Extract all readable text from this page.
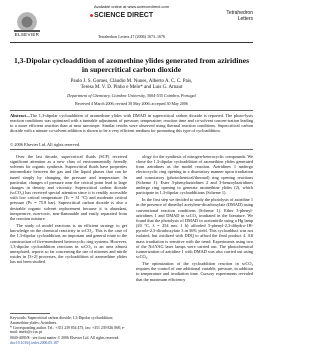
Available online at www.sciencedirect.com
ELSEVIER
SCIENCE DIRECT	Tetrahedron
Letters
Tetrahedron Letters 47 (2006) 1673–1676
1,3-Dipolar cycloaddition of azomethine ylides generated from aziridines in supercritical carbon dioxide
Paulo J. S. Gomes, Cláudio M. Nunes, Alberto A. C. C. Pais,
Teresa M. V. D. Pinho e Melo* and Luis G. Arnaut
Department of Chemistry, Coimbra University, 3004-535 Coimbra, Portugal
Received 4 March 2006; revised 30 May 2006; accepted 30 May 2006
Abstract—The 1,3-dipolar cycloaddition of azomethine ylides with DMAD in supercritical carbon dioxide is reported. The photo-lysis reaction conditions was optimized with a tuneable adjustment of pressure; temperature; reaction time and co-solvent concen-tration leading to a more efficient reaction than at near azeotrope. Similar results were observed using thermal reaction conditions. Supercritical carbon dioxide with a minute co-solvent addition is shown to be a very efficient medium for promoting this type of cycloaddition.
© 2006 Elsevier Ltd. All rights reserved.

Over the last decade, supercritical fluids (SCF) received significant attention as a new class of environmentally friendly solvents for organic synthesis. Supercritical fluids have properties intermediate between the gas and the liquid phases that can be tuned simply by changing the pressure and temperature. In particular, changes of pressure near the critical point lead to large changes in density and viscosity. Supercritical carbon dioxide (scCO₂) has received special attention since it is readily accessible with low critical temperature (Tc = 31 °C) and moderate critical pressure (Pc = 75.8 bar). Supercritical carbon dioxide is also a desirable organic solvent replacement because it is abundant, inexpensive, non-toxic, non-flammable and easily separated from the reaction mixture.

The study of model reactions is an efficient strategy to get knowledge on the chemical reactivity in scCO₂. This is the case of the 1,3-dipolar cycloaddition, an important and general route to the construction of five-membered heterocyclic ring systems. However, 1,3-dipolar cycloaddition reactions in scCO₂ is an area almost unexplored, reports so far concerning the use of nitrones and nitrile oxides in [3+2] processes, the cycloaddition of azomethine ylides has not been studied.

ology for the synthesis of nitrogen-heterocyclic compounds. We chose the 1,3-dipolar cycloaddition of azomethine ylides generated from aziridines as the model reaction. Aziridines 1 undergo electrocyclic ring opening in a disrotatory manner upon irradiation and conrotatory (photochemical/thermal) ring opening reactions (Scheme 1). Ester 3-phenylaziridines 2 and 3-benzoylaziridines undergo ring opening to generate azomethine ylides (2), which participate in 1,3-dipolar cycloadditions (Scheme 1).

In the first step we decided to study the photolysis of aziridine 1 in the presence of dimethyl acetylene-dicarboxylate (DMAD) using conventional reaction conditions (Scheme 1). Ether 3-phenyl-aziridines 1 and DMAD in scCO₂ irradiated in the literature. We found that the photolysis of DMAD in acetonitrile using a Hg lamp (20 °C, λ = 254 nm, 1 h) afforded 5-phenyl-2,3-dihydro-1H-pyrrole-2,3-dicarboxylate 3 in 36% yield. This cycloadduct was not isolated, but oxidized with DDQ to afford the final product 4. All mass irradiation is sensitive with the trend. Experiments using two of the Nd:YAG laser lamps were carried out. The photochemical isomerization of aziridine 1 with DMAD was also carried out using scCO₂.

The optimization of the cycloaddition reaction in scCO₂ requires the control of one additional variable, pressure, in addition to temperature and irradiation time. Cursory experiments revealed that the maximum efficiency

Keywords: Supercritical carbon dioxide; 1,3-Dipolar cycloaddition; Azomethine ylides; Aziridines.
* Corresponding author. Tel.: +351 239 854 475; fax: +351 239 826 068; e-mail: tmelo@ci.uc.pt
0040-4039/$ - see front matter © 2006 Elsevier Ltd. All rights reserved.
doi:10.1016/j.tetlet.2006.05.187
